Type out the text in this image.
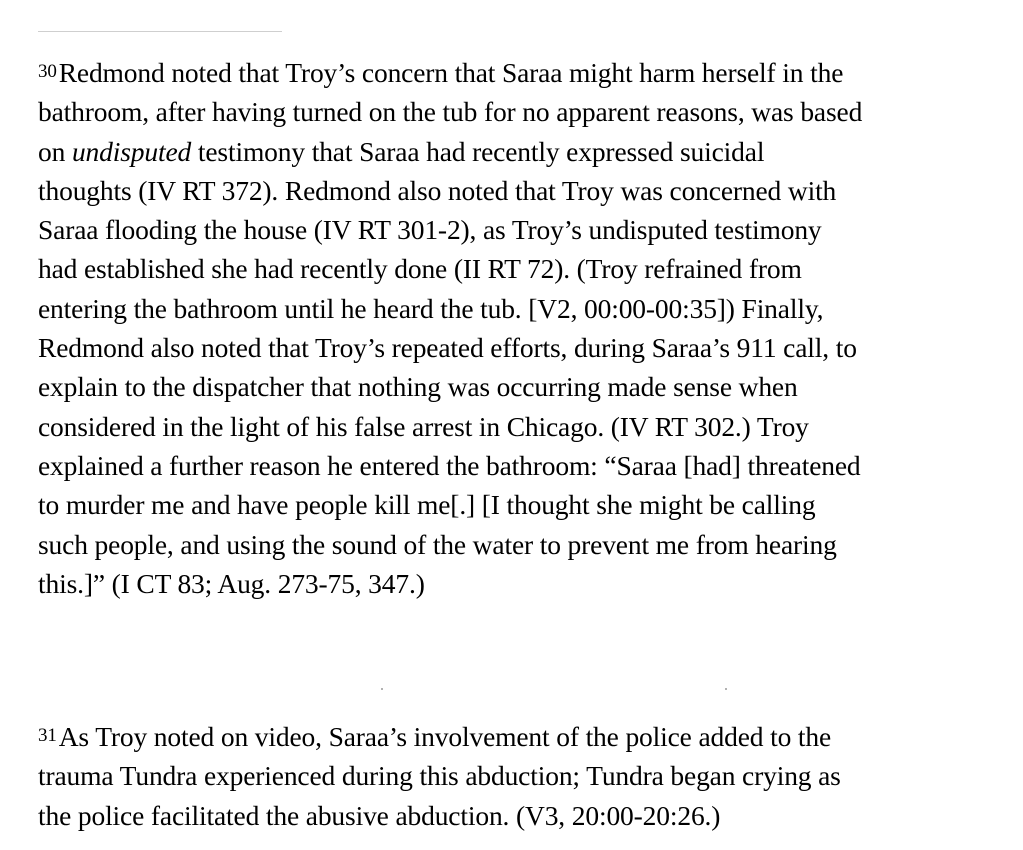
30Redmond noted that Troy’s concern that Saraa might harm herself in the
bathroom, after having turned on the tub for no apparent reasons, was based
on undisputed testimony that Saraa had recently expressed suicidal
thoughts (IV RT 372). Redmond also noted that Troy was concerned with
Saraa flooding the house (IV RT 301-2), as Troy’s undisputed testimony
had established she had recently done (II RT 72). (Troy refrained from
entering the bathroom until he heard the tub. [V2, 00:00-00:35]) Finally,
Redmond also noted that Troy’s repeated efforts, during Saraa’s 911 call, to
explain to the dispatcher that nothing was occurring made sense when
considered in the light of his false arrest in Chicago. (IV RT 302.) Troy
explained a further reason he entered the bathroom: “Saraa [had] threatened
to murder me and have people kill me[.] [I thought she might be calling
such people, and using the sound of the water to prevent me from hearing
this.]” (I CT 83; Aug. 273-75, 347.)
31As Troy noted on video, Saraa’s involvement of the police added to the
trauma Tundra experienced during this abduction; Tundra began crying as
the police facilitated the abusive abduction. (V3, 20:00-20:26.)
